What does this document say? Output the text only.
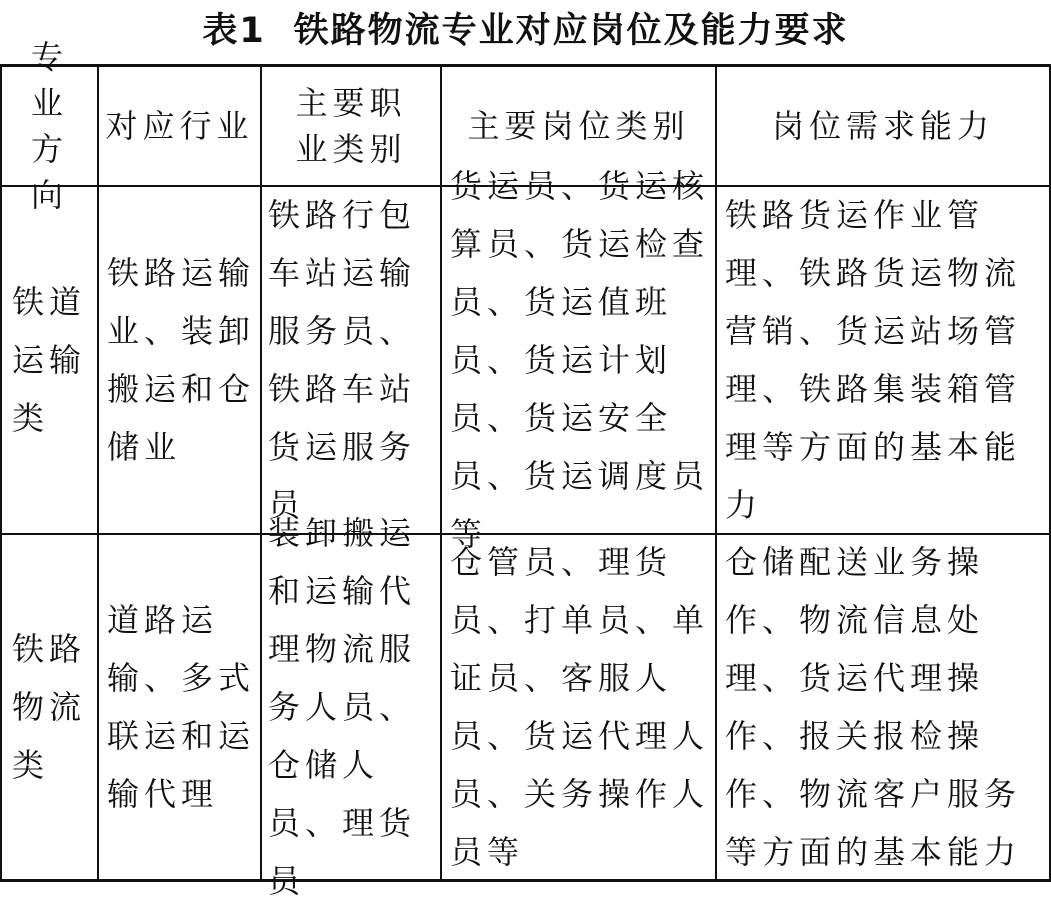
表1 铁路物流专业对应岗位及能力要求
专业方向
对应行业
主要职业类别
主要岗位类别	岗位需求能力
铁道运输类
铁路运输业、装卸搬运和仓储业
铁路行包车站运输服务员、铁路车站货运服务员
货运员、货运核算员、货运检查员、货运值班员、货运计划员、货运安全员、货运调度员等
铁路货运作业管理、铁路货运物流营销、货运站场管理、铁路集装箱管理等方面的基本能力
铁路物流类
道路运输、多式联运和运输代理
装卸搬运和运输代理物流服务人员、仓储人员、理货员
仓管员、理货员、打单员、单证员、客服人员、货运代理人员、关务操作人员等
仓储配送业务操作、物流信息处理、货运代理操作、报关报检操作、物流客户服务等方面的基本能力
